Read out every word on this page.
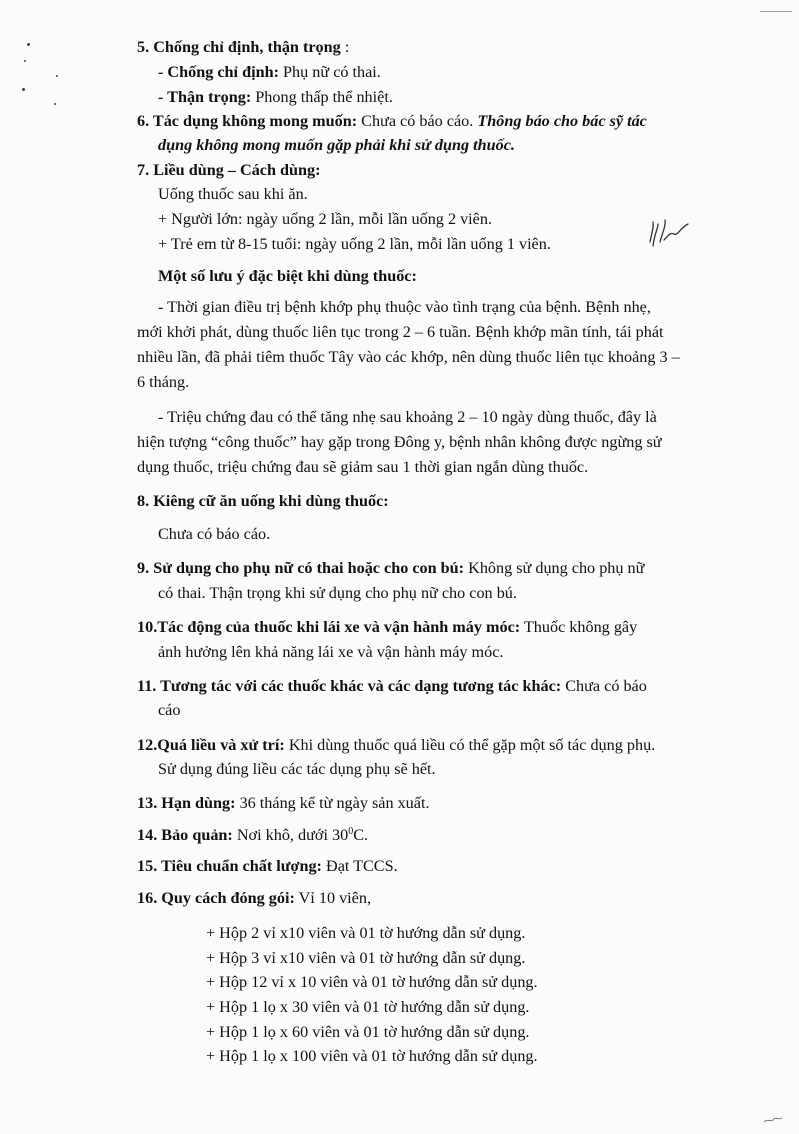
5. Chống chỉ định, thận trọng :

- Chống chỉ định: Phụ nữ có thai.

- Thận trọng: Phong thấp thể nhiệt.

6. Tác dụng không mong muốn: Chưa có báo cáo. Thông báo cho bác sỹ tác

dụng không mong muốn gặp phải khi sử dụng thuốc.

7. Liều dùng – Cách dùng:

Uống thuốc sau khi ăn.

+ Người lớn: ngày uống 2 lần, mỗi lần uống 2 viên.

+ Trẻ em từ 8-15 tuổi: ngày uống 2 lần, mỗi lần uống 1 viên.

Một số lưu ý đặc biệt khi dùng thuốc:

- Thời gian điều trị bệnh khớp phụ thuộc vào tình trạng của bệnh. Bệnh nhẹ,

mới khởi phát, dùng thuốc liên tục trong 2 – 6 tuần. Bệnh khớp mãn tính, tái phát

nhiều lần, đã phải tiêm thuốc Tây vào các khớp, nên dùng thuốc liên tục khoảng 3 –

6 tháng.

- Triệu chứng đau có thể tăng nhẹ sau khoảng 2 – 10 ngày dùng thuốc, đây là

hiện tượng “công thuốc” hay gặp trong Đông y, bệnh nhân không được ngừng sử

dụng thuốc, triệu chứng đau sẽ giảm sau 1 thời gian ngắn dùng thuốc.

8. Kiêng cữ ăn uống khi dùng thuốc:

Chưa có báo cáo.

9. Sử dụng cho phụ nữ có thai hoặc cho con bú: Không sử dụng cho phụ nữ

có thai. Thận trọng khi sử dụng cho phụ nữ cho con bú.

10.Tác động của thuốc khi lái xe và vận hành máy móc: Thuốc không gây

ảnh hưởng lên khả năng lái xe và vận hành máy móc.

11. Tương tác với các thuốc khác và các dạng tương tác khác: Chưa có báo

cáo

12.Quá liều và xử trí: Khi dùng thuốc quá liều có thể gặp một số tác dụng phụ.

Sử dụng đúng liều các tác dụng phụ sẽ hết.

13. Hạn dùng: 36 tháng kể từ ngày sản xuất.

14. Bảo quản: Nơi khô, dưới $30^0C$.

15. Tiêu chuẩn chất lượng: Đạt TCCS.

16. Quy cách đóng gói: Vỉ 10 viên,

+ Hộp 2 vỉ x10 viên và 01 tờ hướng dẫn sử dụng.

+ Hộp 3 vỉ x10 viên và 01 tờ hướng dẫn sử dụng.

+ Hộp 12 vỉ x 10 viên và 01 tờ hướng dẫn sử dụng.

+ Hộp 1 lọ x 30 viên và 01 tờ hướng dẫn sử dụng.

+ Hộp 1 lọ x 60 viên và 01 tờ hướng dẫn sử dụng.

+ Hộp 1 lọ x 100 viên và 01 tờ hướng dẫn sử dụng.
